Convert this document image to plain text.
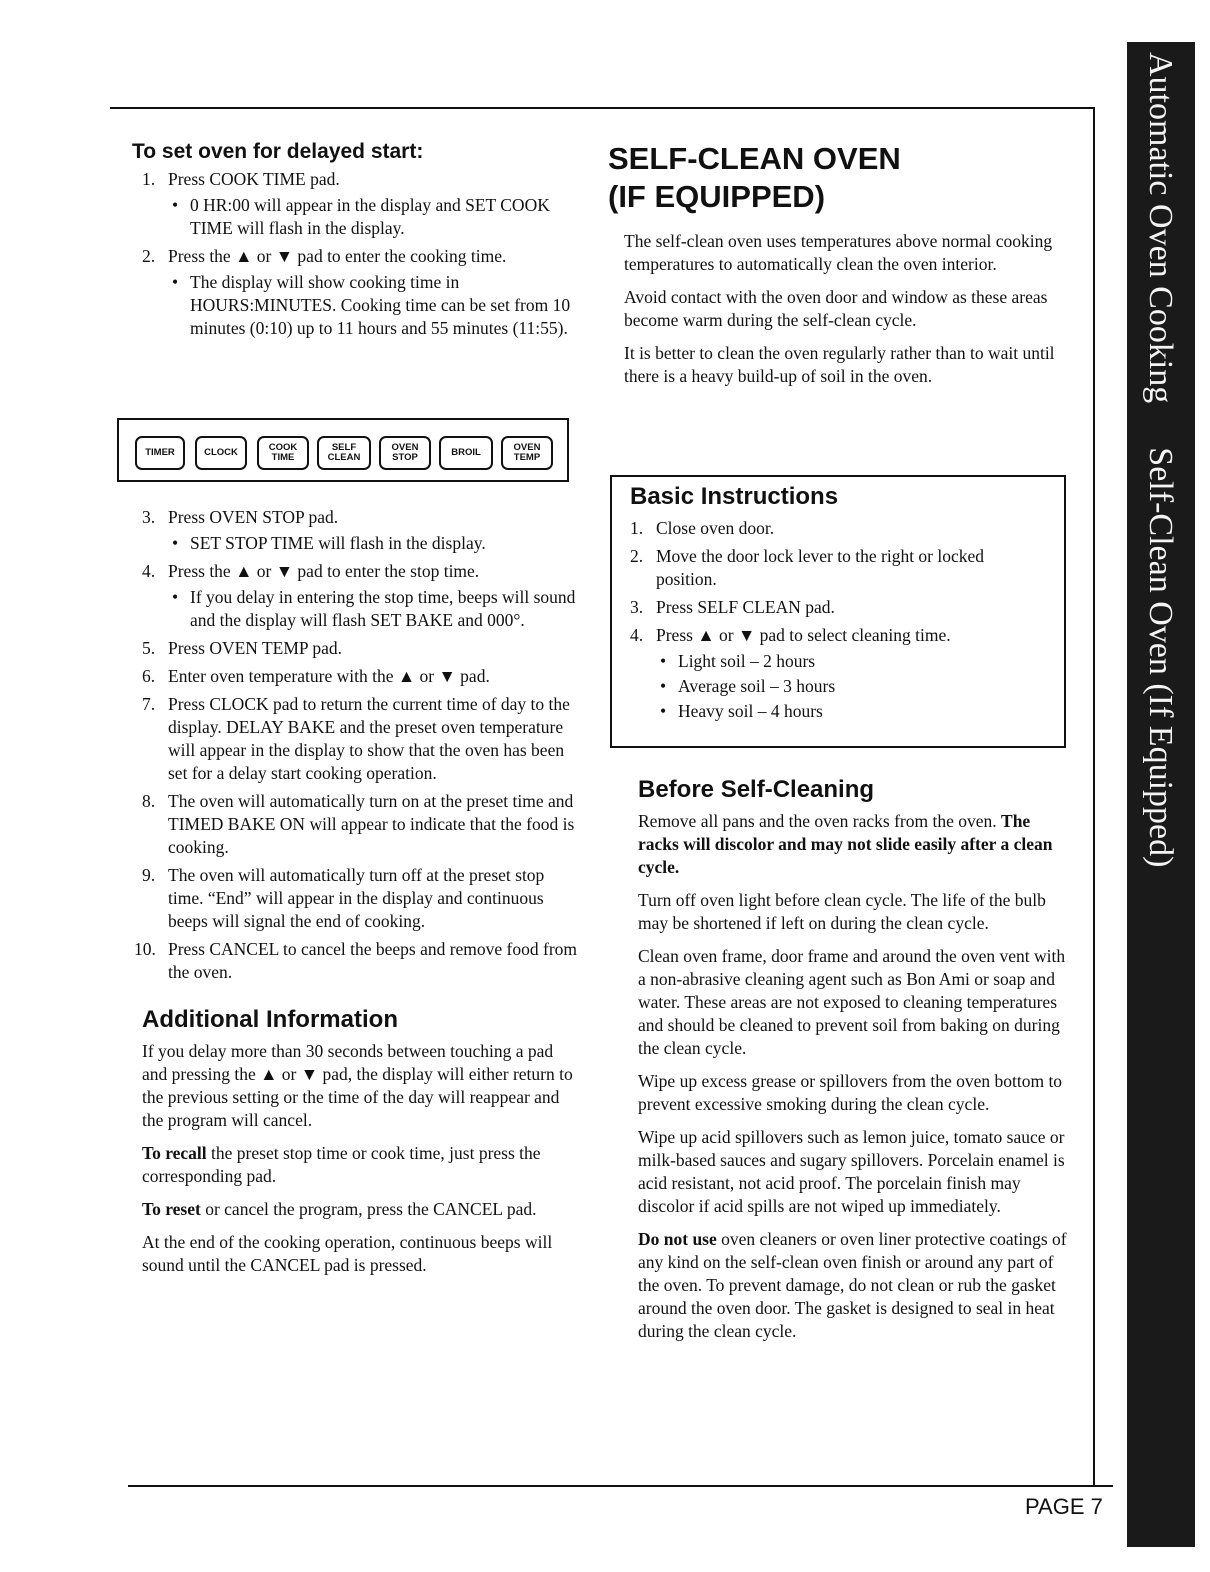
Automatic Oven CookingSelf-Clean Oven (If Equipped)
To set oven for delayed start:
1. Press COOK TIME pad.
• 0 HR:00 will appear in the display and SET COOK TIME will flash in the display.
2. Press the ▲ or ▼ pad to enter the cooking time.
• The display will show cooking time in HOURS:MINUTES. Cooking time can be set from 10 minutes (0:10) up to 11 hours and 55 minutes (11:55).
TIMER	CLOCK	COOK
TIME
SELF
CLEAN
OVEN
STOP	BROIL	OVEN
TEMP
3. Press OVEN STOP pad.
• SET STOP TIME will flash in the display.
4. Press the ▲ or ▼ pad to enter the stop time.
• If you delay in entering the stop time, beeps will sound and the display will flash SET BAKE and 000°.
5. Press OVEN TEMP pad.
6. Enter oven temperature with the ▲ or ▼ pad.
7. Press CLOCK pad to return the current time of day to the display. DELAY BAKE and the preset oven temperature will appear in the display to show that the oven has been set for a delay start cooking operation.
8. The oven will automatically turn on at the preset time and TIMED BAKE ON will appear to indicate that the food is cooking.
9. The oven will automatically turn off at the preset stop time. “End” will appear in the display and continuous beeps will signal the end of cooking.
10. Press CANCEL to cancel the beeps and remove food from the oven.
Additional Information

If you delay more than 30 seconds between touching a pad and pressing the ▲ or ▼ pad, the display will either return to the previous setting or the time of the day will reappear and the program will cancel.

To recall the preset stop time or cook time, just press the corresponding pad.

To reset or cancel the program, press the CANCEL pad.

At the end of the cooking operation, continuous beeps will sound until the CANCEL pad is pressed.

SELF-CLEAN OVEN
(IF EQUIPPED)

The self-clean oven uses temperatures above normal cooking temperatures to automatically clean the oven interior.

Avoid contact with the oven door and window as these areas become warm during the self-clean cycle.

It is better to clean the oven regularly rather than to wait until there is a heavy build-up of soil in the oven.

Basic Instructions
1. Close oven door.
2. Move the door lock lever to the right or locked position.
3. Press SELF CLEAN pad.
4. Press ▲ or ▼ pad to select cleaning time.
• Light soil – 2 hours
• Average soil – 3 hours
• Heavy soil – 4 hours
Before Self-Cleaning

Remove all pans and the oven racks from the oven. The racks will discolor and may not slide easily after a clean cycle.

Turn off oven light before clean cycle. The life of the bulb may be shortened if left on during the clean cycle.

Clean oven frame, door frame and around the oven vent with a non-abrasive cleaning agent such as Bon Ami or soap and water. These areas are not exposed to cleaning temperatures and should be cleaned to prevent soil from baking on during the clean cycle.

Wipe up excess grease or spillovers from the oven bottom to prevent excessive smoking during the clean cycle.

Wipe up acid spillovers such as lemon juice, tomato sauce or milk-based sauces and sugary spillovers. Porcelain enamel is acid resistant, not acid proof. The porcelain finish may discolor if acid spills are not wiped up immediately.

Do not use oven cleaners or oven liner protective coatings of any kind on the self-clean oven finish or around any part of the oven. To prevent damage, do not clean or rub the gasket around the oven door. The gasket is designed to seal in heat during the clean cycle.

PAGE 7
